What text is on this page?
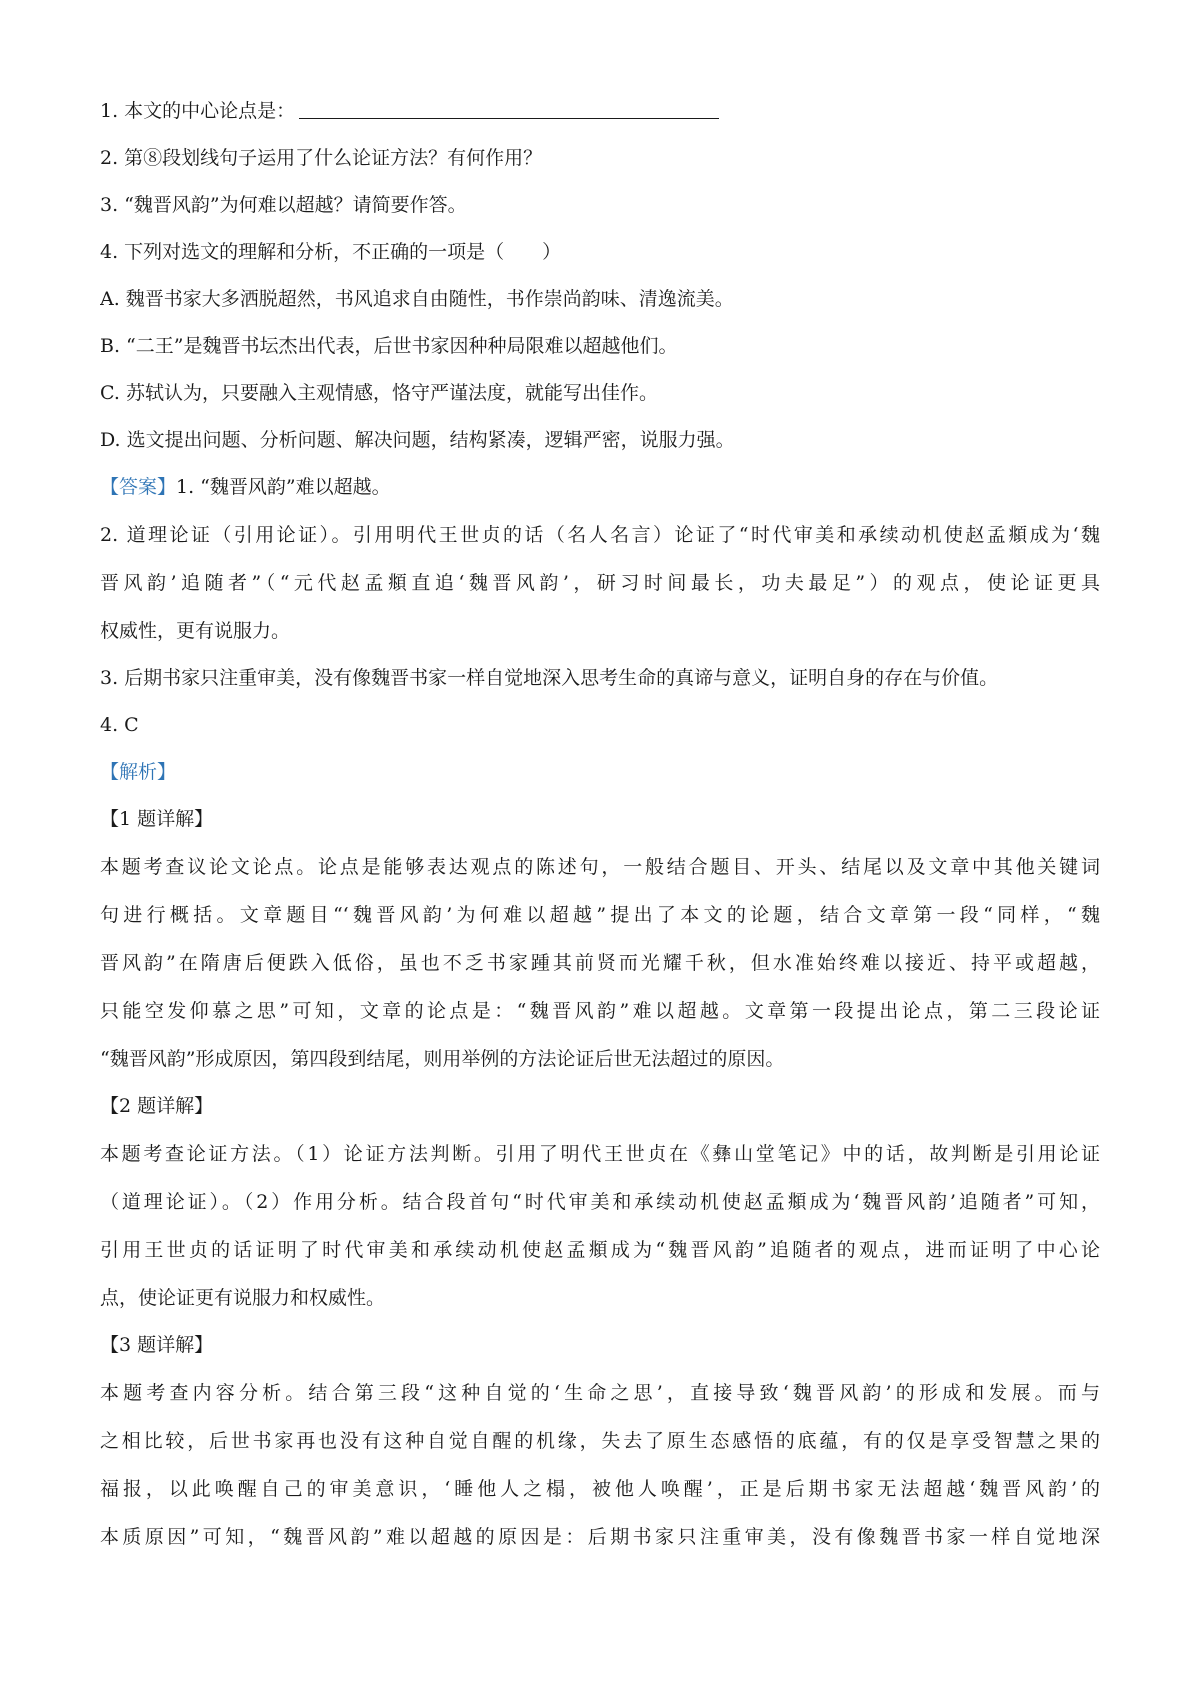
1. 本文的中心论点是：
2. 第⑧段划线句子运用了什么论证方法？有何作用？
3. “魏晋风韵”为何难以超越？请简要作答。
4. 下列对选文的理解和分析，不正确的一项是（　　）
A. 魏晋书家大多洒脱超然，书风追求自由随性，书作崇尚韵味、清逸流美。
B. “二王”是魏晋书坛杰出代表，后世书家因种种局限难以超越他们。
C. 苏轼认为，只要融入主观情感，恪守严谨法度，就能写出佳作。
D. 选文提出问题、分析问题、解决问题，结构紧凑，逻辑严密，说服力强。
【答案】1. “魏晋风韵”难以超越。
2. 道理论证（引用论证）。引用明代王世贞的话（名人名言）论证了“时代审美和承续动机使赵孟頫成为‘魏
晋风韵’追随者”（“元代赵孟頫直追‘魏晋风韵’，研习时间最长，功夫最足”）的观点，使论证更具
权威性，更有说服力。
3. 后期书家只注重审美，没有像魏晋书家一样自觉地深入思考生命的真谛与意义，证明自身的存在与价值。
4. C
【解析】
【1 题详解】
本题考查议论文论点。论点是能够表达观点的陈述句，一般结合题目、开头、结尾以及文章中其他关键词
句进行概括。文章题目“‘魏晋风韵’为何难以超越”提出了本文的论题，结合文章第一段“同样，“魏
晋风韵”在隋唐后便跌入低俗，虽也不乏书家踵其前贤而光耀千秋，但水准始终难以接近、持平或超越，
只能空发仰慕之思”可知，文章的论点是：“魏晋风韵”难以超越。文章第一段提出论点，第二三段论证
“魏晋风韵”形成原因，第四段到结尾，则用举例的方法论证后世无法超过的原因。
【2 题详解】
本题考查论证方法。（1）论证方法判断。引用了明代王世贞在《彝山堂笔记》中的话，故判断是引用论证
（道理论证）。（2）作用分析。结合段首句“时代审美和承续动机使赵孟頫成为‘魏晋风韵’追随者”可知，
引用王世贞的话证明了时代审美和承续动机使赵孟頫成为“魏晋风韵”追随者的观点，进而证明了中心论
点，使论证更有说服力和权威性。
【3 题详解】
本题考查内容分析。结合第三段“这种自觉的‘生命之思’，直接导致‘魏晋风韵’的形成和发展。而与
之相比较，后世书家再也没有这种自觉自醒的机缘，失去了原生态感悟的底蕴，有的仅是享受智慧之果的
福报，以此唤醒自己的审美意识，‘睡他人之榻，被他人唤醒’，正是后期书家无法超越‘魏晋风韵’的
本质原因”可知，“魏晋风韵”难以超越的原因是：后期书家只注重审美，没有像魏晋书家一样自觉地深
